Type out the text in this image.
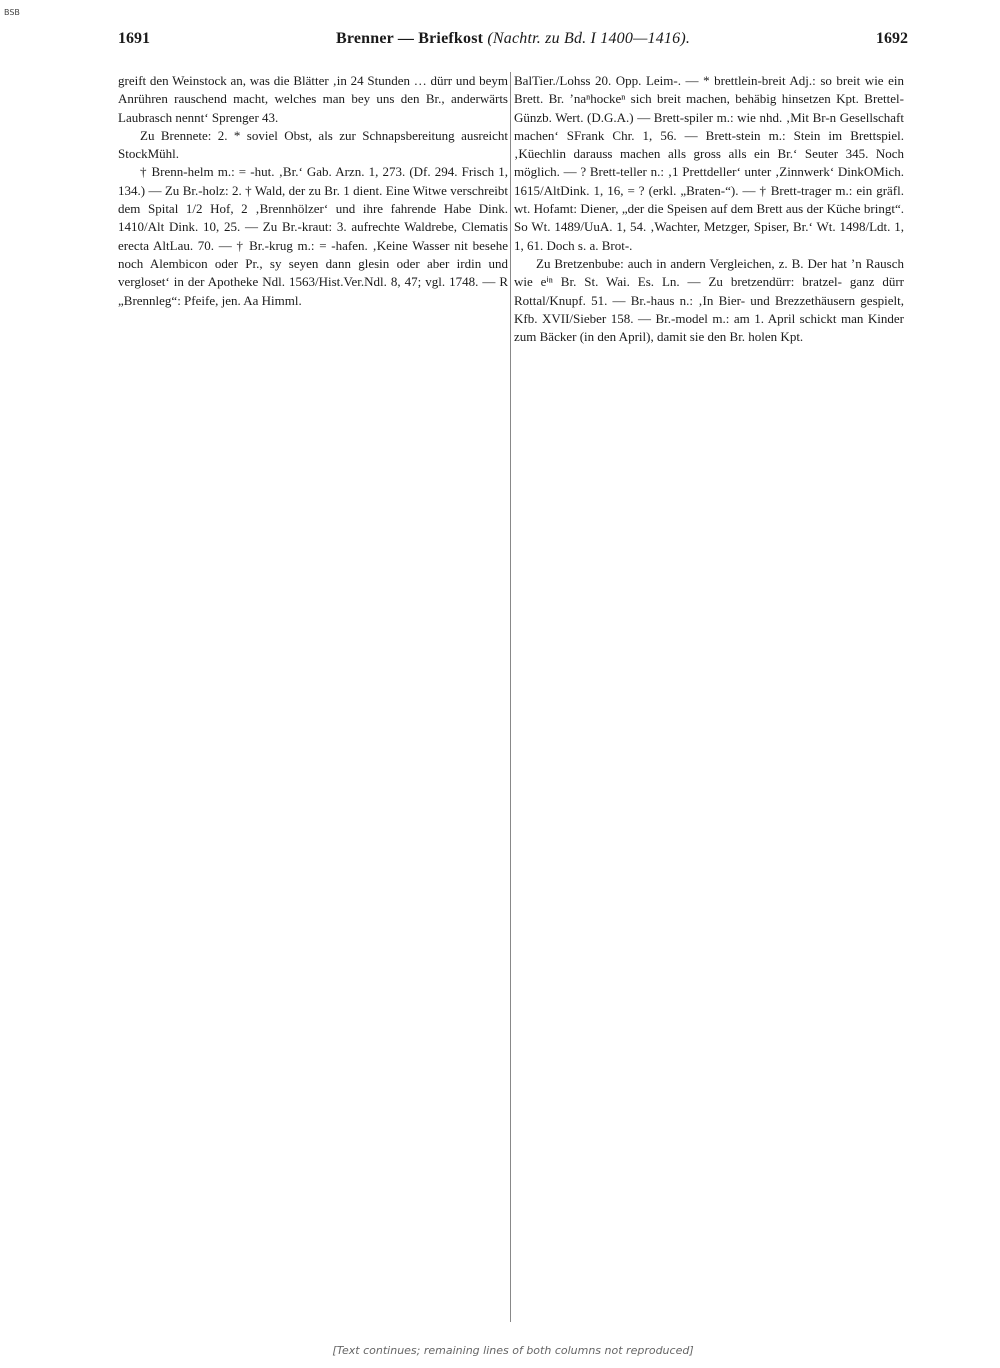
BSB
1691	Brenner — Briefkost (Nachtr. zu Bd. I 1400—1416).	1692

greift den Weinstock an, was die Blätter ‚in 24 Stunden … dürr und beym Anrühren rauschend macht, welches man bey uns den Br., anderwärts Laubrasch nennt‘ Sprenger 43.

Zu Brennete: 2. * soviel Obst, als zur Schnapsbereitung ausreicht StockMühl.

† Brenn-helm m.: = -hut. ‚Br.‘ Gab. Arzn. 1, 273. (Df. 294. Frisch 1, 134.) — Zu Br.-holz: 2. † Wald, der zu Br. 1 dient. Eine Witwe verschreibt dem Spital 1/2 Hof, 2 ‚Brennhölzer‘ und ihre fahrende Habe Dink. 1410/Alt Dink. 10, 25. — Zu Br.-kraut: 3. aufrechte Waldrebe, Clematis erecta AltLau. 70. — † Br.-krug m.: = -hafen. ‚Keine Wasser nit besehe noch Alembicon oder Pr., sy seyen dann glesin oder aber irdin und vergloset‘ in der Apotheke Ndl. 1563/Hist.Ver.Ndl. 8, 47; vgl. 1748. — R „Brennleg“: Pfeife, jen. Aa Himml.

BalTier./Lohss 20. Opp. Leim-. — * brettlein-breit Adj.: so breit wie ein Brett. Br. ’naⁿhockeⁿ sich breit machen, behäbig hinsetzen Kpt. Brettel-Günzb. Wert. (D.G.A.) — Brett-spiler m.: wie nhd. ‚Mit Br-n Gesellschaft machen‘ SFrank Chr. 1, 56. — Brett-stein m.: Stein im Brettspiel. ‚Küechlin darauss machen alls gross alls ein Br.‘ Seuter 345. Noch möglich. — ? Brett-teller n.: ‚1 Prettdeller‘ unter ‚Zinnwerk‘ DinkOMich. 1615/AltDink. 1, 16, = ? (erkl. „Braten-“). — † Brett-trager m.: ein gräfl. wt. Hofamt: Diener, „der die Speisen auf dem Brett aus der Küche bringt“. So Wt. 1489/UuA. 1, 54. ‚Wachter, Metzger, Spiser, Br.‘ Wt. 1498/Ldt. 1, 1, 61. Doch s. a. Brot-.

Zu Bretzenbube: auch in andern Vergleichen, z. B. Der hat ’n Rausch wie eⁱⁿ Br. St. Wai. Es. Ln. — Zu bretzendürr: bratzel- ganz dürr Rottal/Knupf. 51. — Br.-haus n.: ‚In Bier- und Brezzethäusern gespielt, Kfb. XVII/Sieber 158. — Br.-model m.: am 1. April schickt man Kinder zum Bäcker (in den April), damit sie den Br. holen Kpt.

[Text continues; remaining lines of both columns not reproduced]
